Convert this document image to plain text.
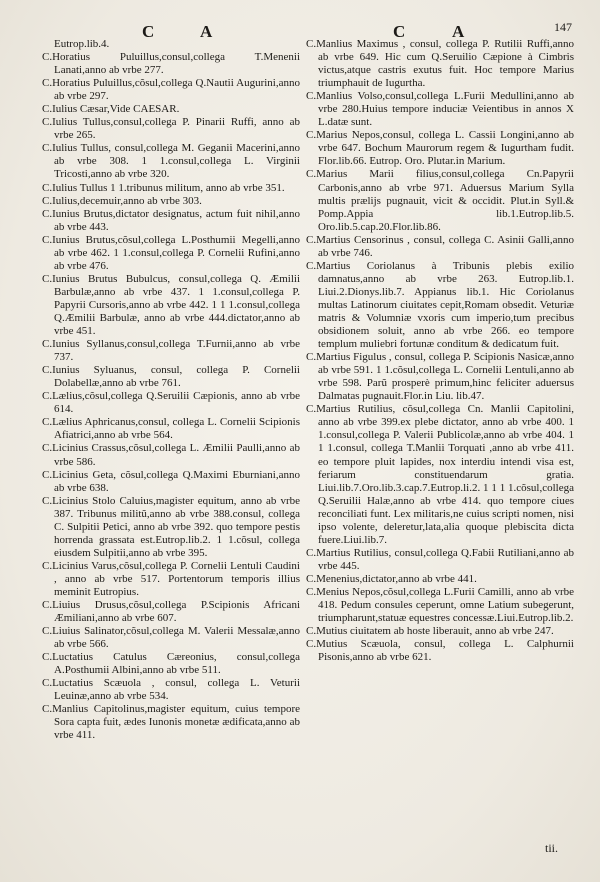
C	A	C	A	147

Eutrop.lib.4.

C.Horatius Puluillus,consul,collega T.Menenii Lanati,anno ab vrbe 277.

C.Horatius Puluillus,cõsul,collega Q.Nautii Augurini,anno ab vrbe 297.

C.Iulius Cæsar,Vide CAESAR.

C.Iulius Tullus,consul,collega P. Pinarii Ruffi, anno ab vrbe 265.

C.Iulius Tullus, consul,collega M. Geganii Macerini,anno ab vrbe 308. 1 1.consul,collega L. Virginii Tricosti,anno ab vrbe 320.

C.Iulius Tullus 1 1.tribunus militum, anno ab vrbe 351.

C.Iulius,decemuir,anno ab vrbe 303.

C.Iunius Brutus,dictator designatus, actum fuit nihil,anno ab vrbe 443.

C.Iunius Brutus,cõsul,collega L.Posthumii Megelli,anno ab vrbe 462. 1 1.consul,collega P. Cornelii Rufini,anno ab vrbe 476.

C.Iunius Brutus Bubulcus, consul,collega Q. Æmilii Barbulæ,anno ab vrbe 437. 1 1.consul,collega P. Papyrii Cursoris,anno ab vrbe 442. 1 1 1.consul,collega Q.Æmilii Barbulæ, anno ab vrbe 444.dictator,anno ab vrbe 451.

C.Iunius Syllanus,consul,collega T.Furnii,anno ab vrbe 737.

C.Iunius Syluanus, consul, collega P. Cornelii Dolabellæ,anno ab vrbe 761.

C.Lælius,cõsul,collega Q.Seruilii Cæpionis, anno ab vrbe 614.

C.Lælius Aphricanus,consul, collega L. Cornelii Scipionis Afiatrici,anno ab vrbe 564.

C.Licinius Crassus,cõsul,collega L. Æmilii Paulli,anno ab vrbe 586.

C.Licinius Geta, cõsul,collega Q.Maximi Eburniani,anno ab vrbe 638.

C.Licinius Stolo Caluius,magister equitum, anno ab vrbe 387. Tribunus militũ,anno ab vrbe 388.consul, collega C. Sulpitii Petici, anno ab vrbe 392. quo tempore pestis horrenda grassata est.Eutrop.lib.2. 1 1.cõsul, collega eiusdem Sulpitii,anno ab vrbe 395.

C.Licinius Varus,cõsul,collega P. Cornelii Lentuli Caudini , anno ab vrbe 517. Portentorum temporis illius meminit Eutropius.

C.Liuius Drusus,cõsul,collega P.Scipionis Africani Æmiliani,anno ab vrbe 607.

C.Liuius Salinator,cõsul,collega M. Valerii Messalæ,anno ab vrbe 566.

C.Luctatius Catulus Cæreonius, consul,collega A.Posthumii Albini,anno ab vrbe 511.

C.Luctatius Scæuola , consul, collega L. Veturii Leuinæ,anno ab vrbe 534.

C.Manlius Capitolinus,magister equitum, cuius tempore Sora capta fuit, ædes Iunonis monetæ ædificata,anno ab vrbe 411.

C.Manlius Maximus , consul, collega P. Rutilii Ruffi,anno ab vrbe 649. Hic cum Q.Seruilio Cæpione à Cimbris victus,atque castris exutus fuit. Hoc tempore Marius triumphauit de Iugurtha.

C.Manlius Volso,consul,collega L.Furii Medullini,anno ab vrbe 280.Huius tempore induciæ Veientibus in annos X L.datæ sunt.

C.Marius Nepos,consul, collega L. Cassii Longini,anno ab vrbe 647. Bochum Maurorum regem & Iugurtham fudit. Flor.lib.66. Eutrop. Oro. Plutar.in Marium.

C.Marius Marii filius,consul,collega Cn.Papyrii Carbonis,anno ab vrbe 971. Aduersus Marium Sylla multis prælijs pugnauit, vicit & occidit. Plut.in Syll.& Pomp.Appia lib.1.Eutrop.lib.5. Oro.lib.5.cap.20.Flor.lib.86.

C.Martius Censorinus , consul, collega C. Asinii Galli,anno ab vrbe 746.

C.Martius Coriolanus à Tribunis plebis exilio damnatus,anno ab vrbe 263. Eutrop.lib.1. Liui.2.Dionys.lib.7. Appianus lib.1. Hic Coriolanus multas Latinorum ciuitates cepit,Romam obsedit. Veturiæ matris & Volumniæ vxoris cum imperio,tum precibus obsidionem soluit, anno ab vrbe 266. eo tempore templum muliebri fortunæ conditum & dedicatum fuit.

C.Martius Figulus , consul, collega P. Scipionis Nasicæ,anno ab vrbe 591. 1 1.cõsul,collega L. Cornelii Lentuli,anno ab vrbe 598. Parũ prosperè primum,hinc feliciter aduersus Dalmatas pugnauit.Flor.in Liu. lib.47.

C.Martius Rutilius, cõsul,collega Cn. Manlii Capitolini, anno ab vrbe 399.ex plebe dictator, anno ab vrbe 400. 1 1.consul,collega P. Valerii Publicolæ,anno ab vrbe 404. 1 1 1.consul, collega T.Manlii Torquati ,anno ab vrbe 411. eo tempore pluit lapides, nox interdiu intendi visa est, feriarum constituendarum gratia. Liui.lib.7.Oro.lib.3.cap.7.Eutrop.li.2. 1 1 1 1.cõsul,collega Q.Seruilii Halæ,anno ab vrbe 414. quo tempore ciues reconciliati funt. Lex militaris,ne cuius scripti nomen, nisi ipso volente, deleretur,lata,alia quoque plebiscita dicta fuere.Liui.lib.7.

C.Martius Rutilius, consul,collega Q.Fabii Rutiliani,anno ab vrbe 445.

C.Menenius,dictator,anno ab vrbe 441.

C.Menius Nepos,cõsul,collega L.Furii Camilli, anno ab vrbe 418. Pedum consules ceperunt, omne Latium subegerunt, triumpharunt,statuæ equestres concessæ.Liui.Eutrop.lib.2.

C.Mutius ciuitatem ab hoste liberauit, anno ab vrbe 247.

C.Mutius Scæuola, consul, collega L. Calphurnii Pisonis,anno ab vrbe 621.

tii.
